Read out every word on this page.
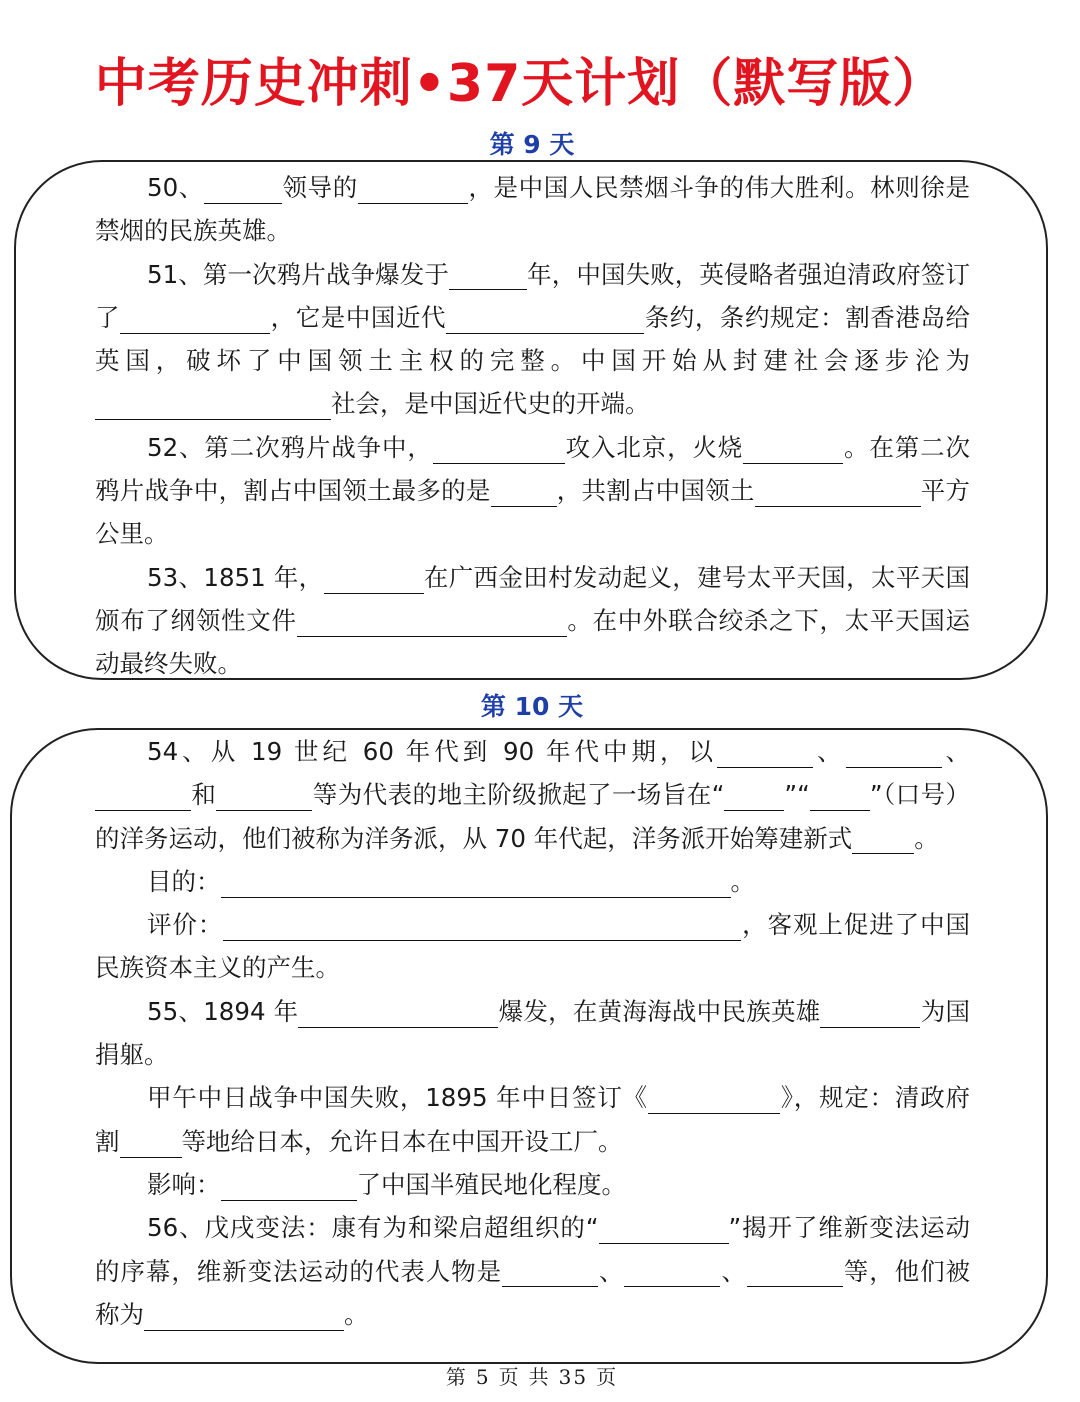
中考历史冲刺•37天计划（默写版）
第 9 天

50、	领导的	，是中国人民禁烟斗争的伟大胜利。林则徐是禁烟的民族英雄。

51、第一次鸦片战争爆发于	年，中国失败，英侵略者强迫清政府签订了	，它是中国近代	条约，条约规定：割香港岛给英国，破坏了中国领土主权的完整。中国开始从封建社会逐步沦为社会，是中国近代史的开端。

52、第二次鸦片战争中，	攻入北京，火烧	。在第二次鸦片战争中，割占中国领土最多的是	，共割占中国领土	平方公里。

53、1851 年，	在广西金田村发动起义，建号太平天国，太平天国颁布了纲领性文件	。在中外联合绞杀之下，太平天国运动最终失败。

第 10 天

54、从 19 世纪 60 年代到 90 年代中期，以	、	、和	等为代表的地主阶级掀起了一场旨在“ ”“ ”（口号）的洋务运动，他们被称为洋务派，从 70 年代起，洋务派开始筹建新式	。

目的：	。

评价：	，客观上促进了中国民族资本主义的产生。

55、1894 年	爆发，在黄海海战中民族英雄	为国捐躯。

甲午中日战争中国失败，1895 年中日签订《	》，规定：清政府割	等地给日本，允许日本在中国开设工厂。

影响：	了中国半殖民地化程度。

56、戊戌变法：康有为和梁启超组织的“	”揭开了维新变法运动的序幕，维新变法运动的代表人物是	、	、	等，他们被称为	。

第 5 页 共 35 页
